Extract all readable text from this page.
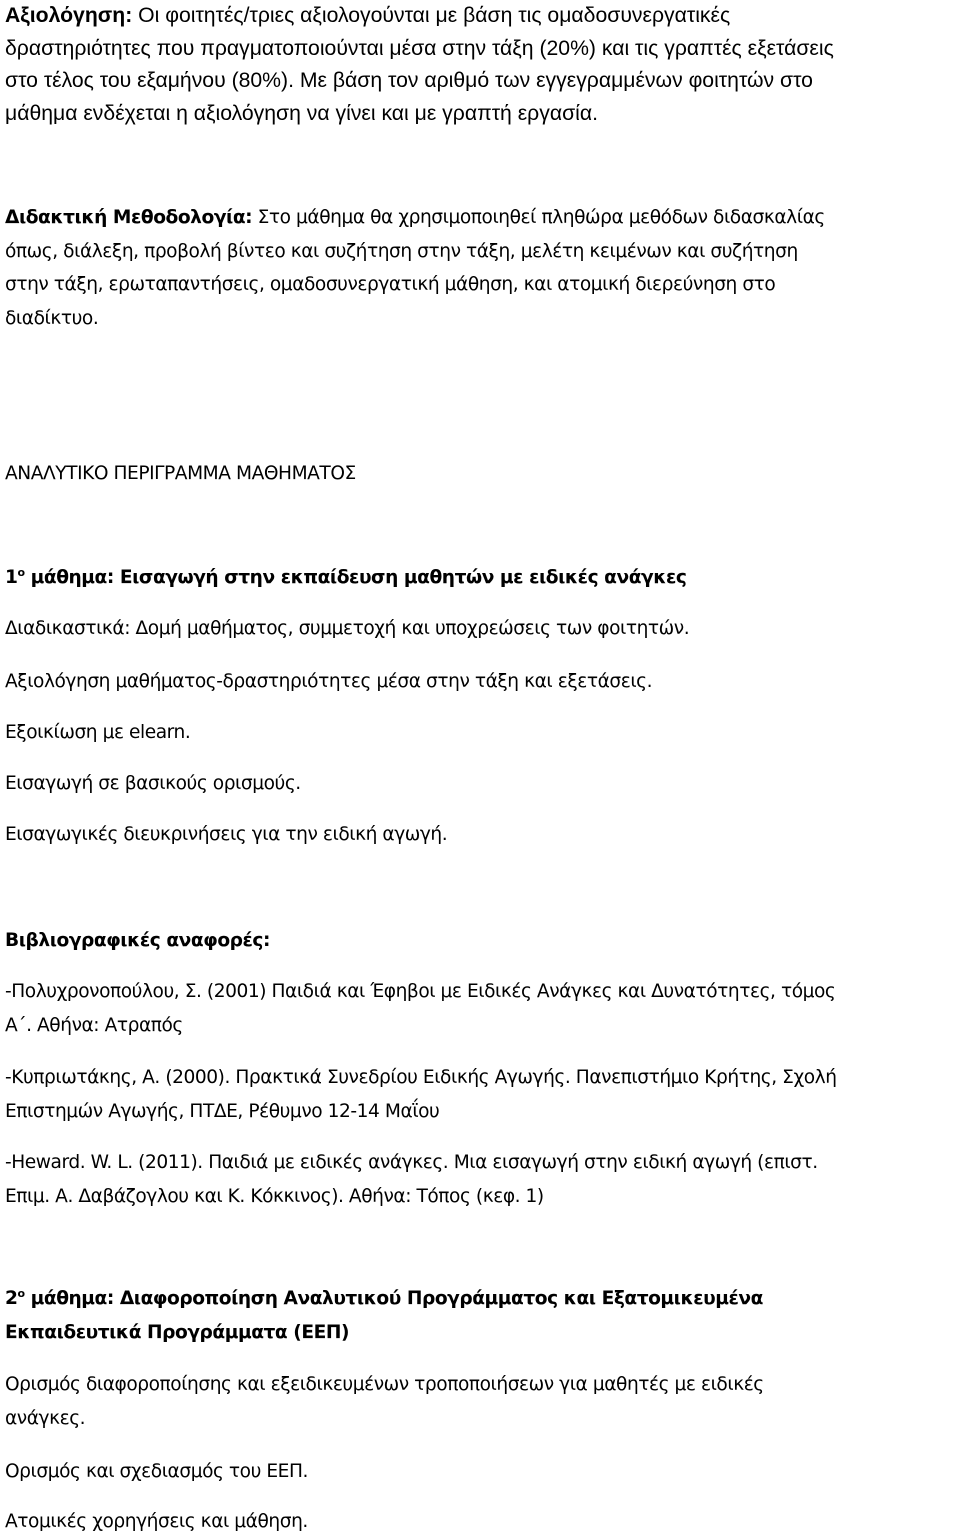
Αξιολόγηση: Οι φοιτητές/τριες αξιολογούνται με βάση τις ομαδοσυνεργατικές

δραστηριότητες που πραγματοποιούνται μέσα στην τάξη (20%) και τις γραπτές εξετάσεις

στο τέλος του εξαμήνου (80%). Με βάση τον αριθμό των εγγεγραμμένων φοιτητών στο

μάθημα ενδέχεται η αξιολόγηση να γίνει και με γραπτή εργασία.

Διδακτική Μεθοδολογία: Στο μάθημα θα χρησιμοποιηθεί πληθώρα μεθόδων διδασκαλίας

όπως, διάλεξη, προβολή βίντεο και συζήτηση στην τάξη, μελέτη κειμένων και συζήτηση

στην τάξη, ερωταπαντήσεις, ομαδοσυνεργατική μάθηση, και ατομική διερεύνηση στο

διαδίκτυο.

ΑΝΑΛΥΤΙΚΟ ΠΕΡΙΓΡΑΜΜΑ ΜΑΘΗΜΑΤΟΣ
$1^o$ μάθημα: Εισαγωγή στην εκπαίδευση μαθητών με ειδικές ανάγκες
Διαδικαστικά: Δομή μαθήματος, συμμετοχή και υποχρεώσεις των φοιτητών.
Αξιολόγηση μαθήματος-δραστηριότητες μέσα στην τάξη και εξετάσεις.
Εξοικίωση με elearn.
Εισαγωγή σε βασικούς ορισμούς.
Εισαγωγικές διευκρινήσεις για την ειδική αγωγή.
Βιβλιογραφικές αναφορές:

-Πολυχρονοπούλου, Σ. (2001) Παιδιά και Έφηβοι με Ειδικές Ανάγκες και Δυνατότητες, τόμος

Α΄. Αθήνα: Ατραπός

-Κυπριωτάκης, Α. (2000). Πρακτικά Συνεδρίου Ειδικής Αγωγής. Πανεπιστήμιο Κρήτης, Σχολή

Επιστημών Αγωγής, ΠΤΔΕ, Ρέθυμνο 12-14 Μαΐου

-Heward. W. L. (2011). Παιδιά με ειδικές ανάγκες. Μια εισαγωγή στην ειδική αγωγή (επιστ.

Επιμ. Α. Δαβάζογλου και Κ. Κόκκινος). Αθήνα: Τόπος (κεφ. 1)

$2^o$ μάθημα: Διαφοροποίηση Αναλυτικού Προγράμματος και Εξατομικευμένα

Εκπαιδευτικά Προγράμματα (ΕΕΠ)

Ορισμός διαφοροποίησης και εξειδικευμένων τροποποιήσεων για μαθητές με ειδικές

ανάγκες.

Ορισμός και σχεδιασμός του ΕΕΠ.
Ατομικές χορηγήσεις και μάθηση.
